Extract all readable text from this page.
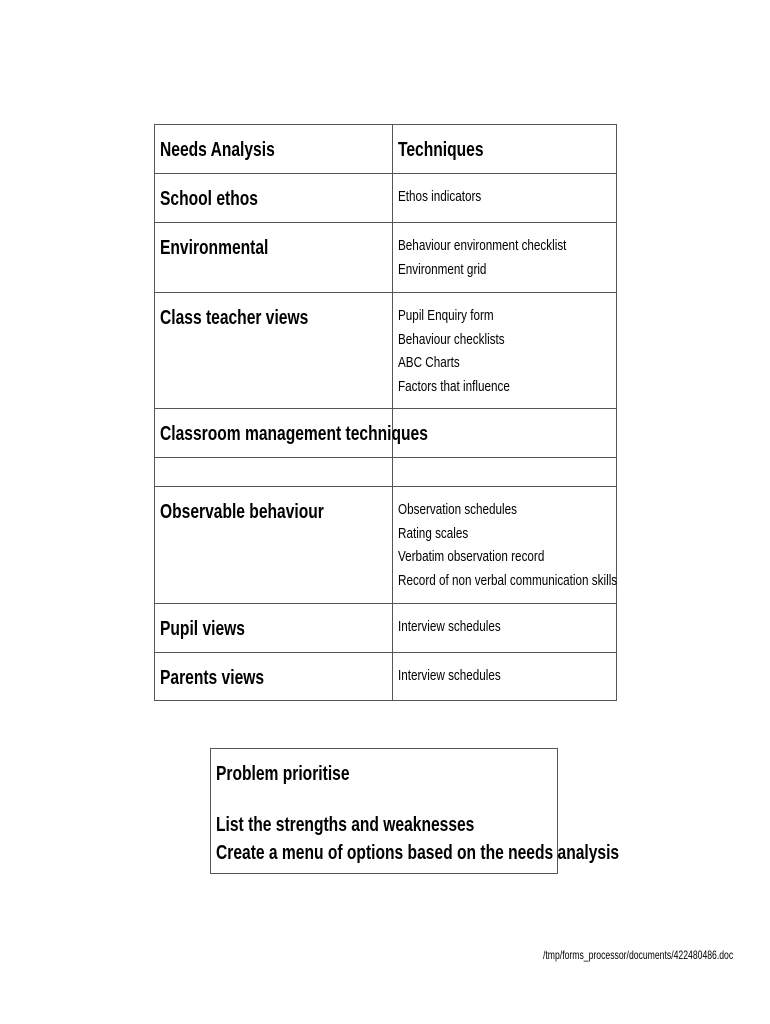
Needs Analysis	Techniques
School ethos	Ethos indicators

Environmental	Behaviour environment checklist
Environment grid

Class teacher views	Pupil Enquiry form
Behaviour checklists
ABC Charts
Factors that influence

Classroom management techniques	

Observable behaviour	Observation schedules
Rating scales
Verbatim observation record
Record of non verbal communication skills

Pupil views	Interview schedules

Parents views	Interview schedules
Problem prioritise
List the strengths and weaknesses
Create a menu of options based on the needs analysis
/tmp/forms_processor/documents/422480486.doc
